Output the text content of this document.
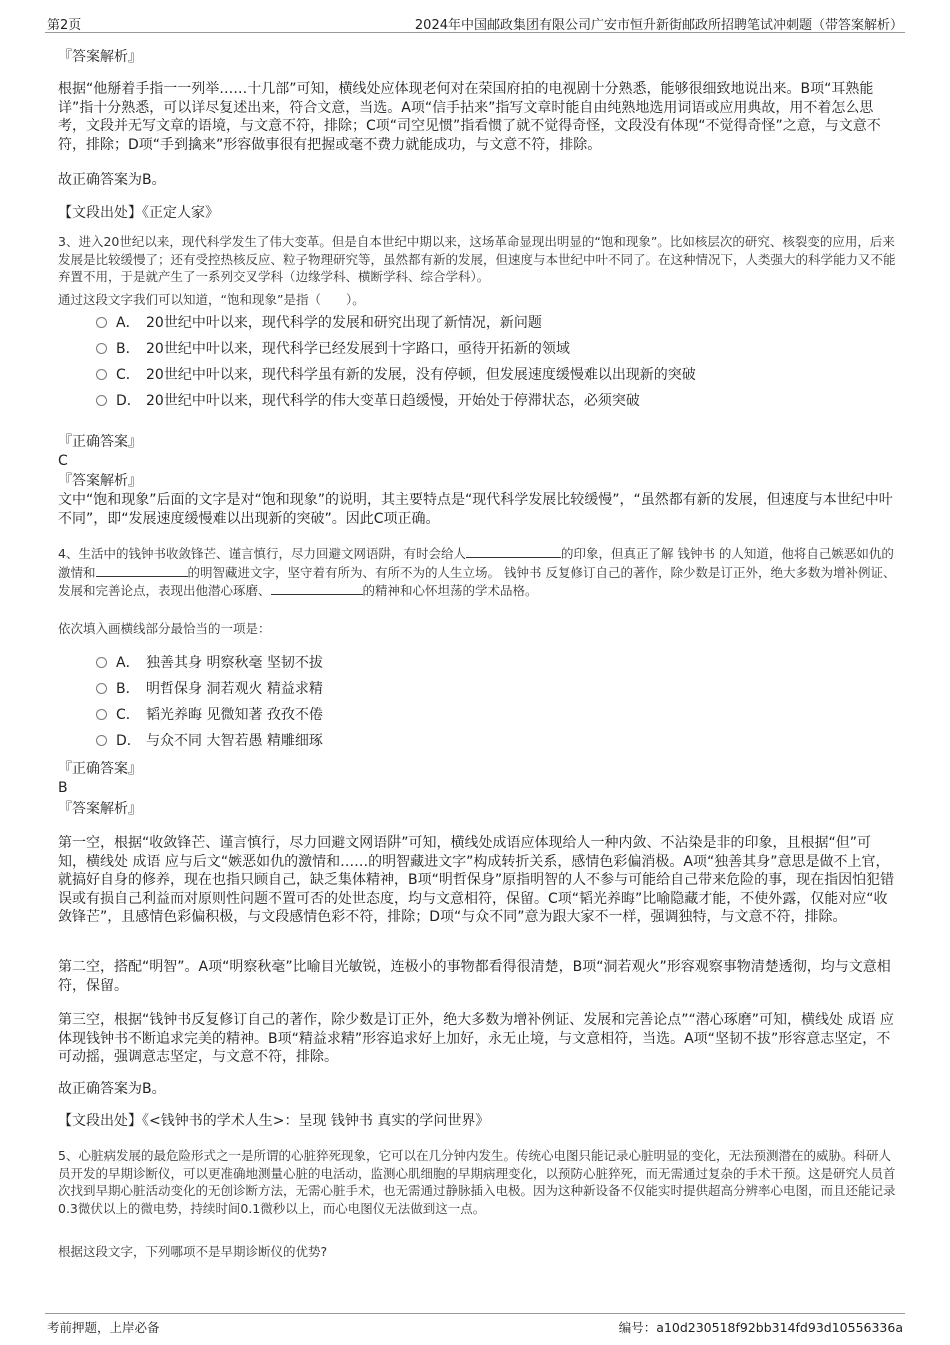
第2页	2024年中国邮政集团有限公司广安市恒升新街邮政所招聘笔试冲刺题（带答案解析）
『答案解析』
根据“他掰着手指一一列举……十几部”可知，横线处应体现老何对在荣国府拍的电视剧十分熟悉，能够很细致地说出来。B项“耳熟能详”指十分熟悉，可以详尽复述出来，符合文意，当选。A项“信手拈来”指写文章时能自由纯熟地选用词语或应用典故，用不着怎么思考，文段并无写文章的语境，与文意不符，排除；C项“司空见惯”指看惯了就不觉得奇怪，文段没有体现“不觉得奇怪”之意，与文意不符，排除；D项“手到擒来”形容做事很有把握或毫不费力就能成功，与文意不符，排除。
故正确答案为B。
【文段出处】《正定人家》
3、进入20世纪以来，现代科学发生了伟大变革。但是自本世纪中期以来，这场革命显现出明显的“饱和现象”。比如核层次的研究、核裂变的应用，后来发展是比较缓慢了；还有受控热核反应、粒子物理研究等，虽然都有新的发展，但速度与本世纪中叶不同了。在这种情况下，人类强大的科学能力又不能弃置不用，于是就产生了一系列交叉学科（边缘学科、横断学科、综合学科）。
通过这段文字我们可以知道，“饱和现象”是指（　　）。
A． 20世纪中叶以来，现代科学的发展和研究出现了新情况，新问题
B． 20世纪中叶以来，现代科学已经发展到十字路口，亟待开拓新的领域
C． 20世纪中叶以来，现代科学虽有新的发展，没有停顿，但发展速度缓慢难以出现新的突破
D． 20世纪中叶以来，现代科学的伟大变革日趋缓慢，开始处于停滞状态，必须突破
『正确答案』
C
『答案解析』
文中“饱和现象”后面的文字是对“饱和现象”的说明，其主要特点是“现代科学发展比较缓慢”，“虽然都有新的发展，但速度与本世纪中叶不同”，即“发展速度缓慢难以出现新的突破”。因此C项正确。
4、生活中的钱钟书收敛锋芒、谨言慎行，尽力回避文网语阱，有时会给人	的印象，但真正了解 钱钟书 的人知道，他将自己嫉恶如仇的激情和	的明智藏进文字，坚守着有所为、有所不为的人生立场。 钱钟书 反复修订自己的著作，除少数是订正外，绝大多数为增补例证、发展和完善论点，表现出他潜心琢磨、	的精神和心怀坦荡的学术品格。
依次填入画横线部分最恰当的一项是：
A． 独善其身 明察秋毫 坚韧不拔
B． 明哲保身 洞若观火 精益求精
C． 韬光养晦 见微知著 孜孜不倦
D． 与众不同 大智若愚 精雕细琢
『正确答案』
B
『答案解析』
第一空，根据“收敛锋芒、谨言慎行，尽力回避文网语阱”可知，横线处成语应体现给人一种内敛、不沾染是非的印象，且根据“但”可知，横线处 成语 应与后文“嫉恶如仇的激情和……的明智藏进文字”构成转折关系，感情色彩偏消极。A项“独善其身”意思是做不上官，就搞好自身的修养，现在也指只顾自己，缺乏集体精神，B项“明哲保身”原指明智的人不参与可能给自己带来危险的事，现在指因怕犯错误或有损自己利益而对原则性问题不置可否的处世态度，均与文意相符，保留。C项“韬光养晦”比喻隐藏才能，不使外露，仅能对应“收敛锋芒”，且感情色彩偏积极，与文段感情色彩不符，排除；D项“与众不同”意为跟大家不一样，强调独特，与文意不符，排除。
第二空，搭配“明智”。A项“明察秋毫”比喻目光敏锐，连极小的事物都看得很清楚，B项“洞若观火”形容观察事物清楚透彻，均与文意相符，保留。
第三空，根据“钱钟书反复修订自己的著作，除少数是订正外，绝大多数为增补例证、发展和完善论点”“潜心琢磨”可知，横线处 成语 应体现钱钟书不断追求完美的精神。B项“精益求精”形容追求好上加好，永无止境，与文意相符，当选。A项“坚韧不拔”形容意志坚定，不可动摇，强调意志坚定，与文意不符，排除。
故正确答案为B。
【文段出处】《<钱钟书的学术人生>：呈现 钱钟书 真实的学问世界》
5、心脏病发展的最危险形式之一是所谓的心脏猝死现象，它可以在几分钟内发生。传统心电图只能记录心脏明显的变化，无法预测潜在的威胁。科研人员开发的早期诊断仪，可以更准确地测量心脏的电活动，监测心肌细胞的早期病理变化，以预防心脏猝死，而无需通过复杂的手术干预。这是研究人员首次找到早期心脏活动变化的无创诊断方法，无需心脏手术，也无需通过静脉插入电极。因为这种新设备不仅能实时提供超高分辨率心电图，而且还能记录0.3微伏以上的微电势，持续时间0.1微秒以上，而心电图仪无法做到这一点。
根据这段文字，下列哪项不是早期诊断仪的优势?
考前押题，上岸必备	编号：a10d230518f92bb314fd93d10556336a
